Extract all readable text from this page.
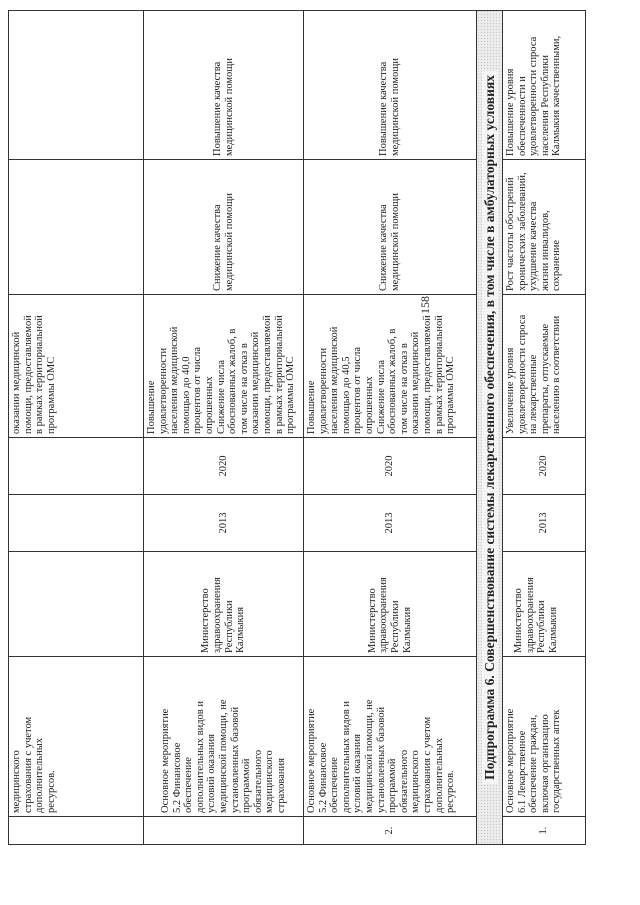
медицинского
страхования с учетом
дополнительных
ресурсов.
оказании медицинской
помощи, предоставляемой
в рамках территориальной
программы ОМС
Основное мероприятие
5.2 Финансовое
обеспечение
дополнительных видов и
условий оказания
медицинской помощи, не
установленных базовой
программой
обязательного
медицинского
страхования
Министерство
здравоохранения
Республики
Калмыкия
2013
2020
Повышение
удовлетворенности
населения медицинской
помощью до 40,0
процентов от числа
опрошенных
Снижение числа
обоснованных жалоб, в
том числе на отказ в
оказании медицинской
помощи, предоставляемой
в рамках территориальной
программы ОМС
Снижение качества
медицинской помощи
Повышение качества
медицинской помощи
2.
Основное мероприятие
5.2 Финансовое
обеспечение
дополнительных видов и
условий оказания
медицинской помощи, не
установленных базовой
программой
обязательного
медицинского
страхования с учетом
дополнительных
ресурсов.
Министерство
здравоохранения
Республики
Калмыкия
2013
2020
Повышение
удовлетворенности
населения медицинской
помощью до 40,5
процентов от числа
опрошенных
Снижение числа
обоснованных жалоб, в
том числе на отказ в
оказании медицинской
помощи, предоставляемой
в рамках территориальной
программы ОМС
Снижение качества
медицинской помощи
Повышение качества
медицинской помощи	Подпрограмма 6. Совершенствование системы лекарственного обеспечения, в том числе в амбулаторных условиях
1.
Основное мероприятие
6.1 Лекарственное
обеспечение граждан,
включая организацию
государственных аптек
Министерство
здравоохранения
Республики
Калмыкия
2013
2020
Увеличение уровня
удовлетворенности спроса
на лекарственные
препараты, отпускаемые
населению в соответствии
Рост частоты обострений
хронических заболеваний,
ухудшение качества
жизни инвалидов,
сохранение
Повышение уровня
обеспеченности и
удовлетворенности спроса
населения Республики
Калмыкия качественными,
158
